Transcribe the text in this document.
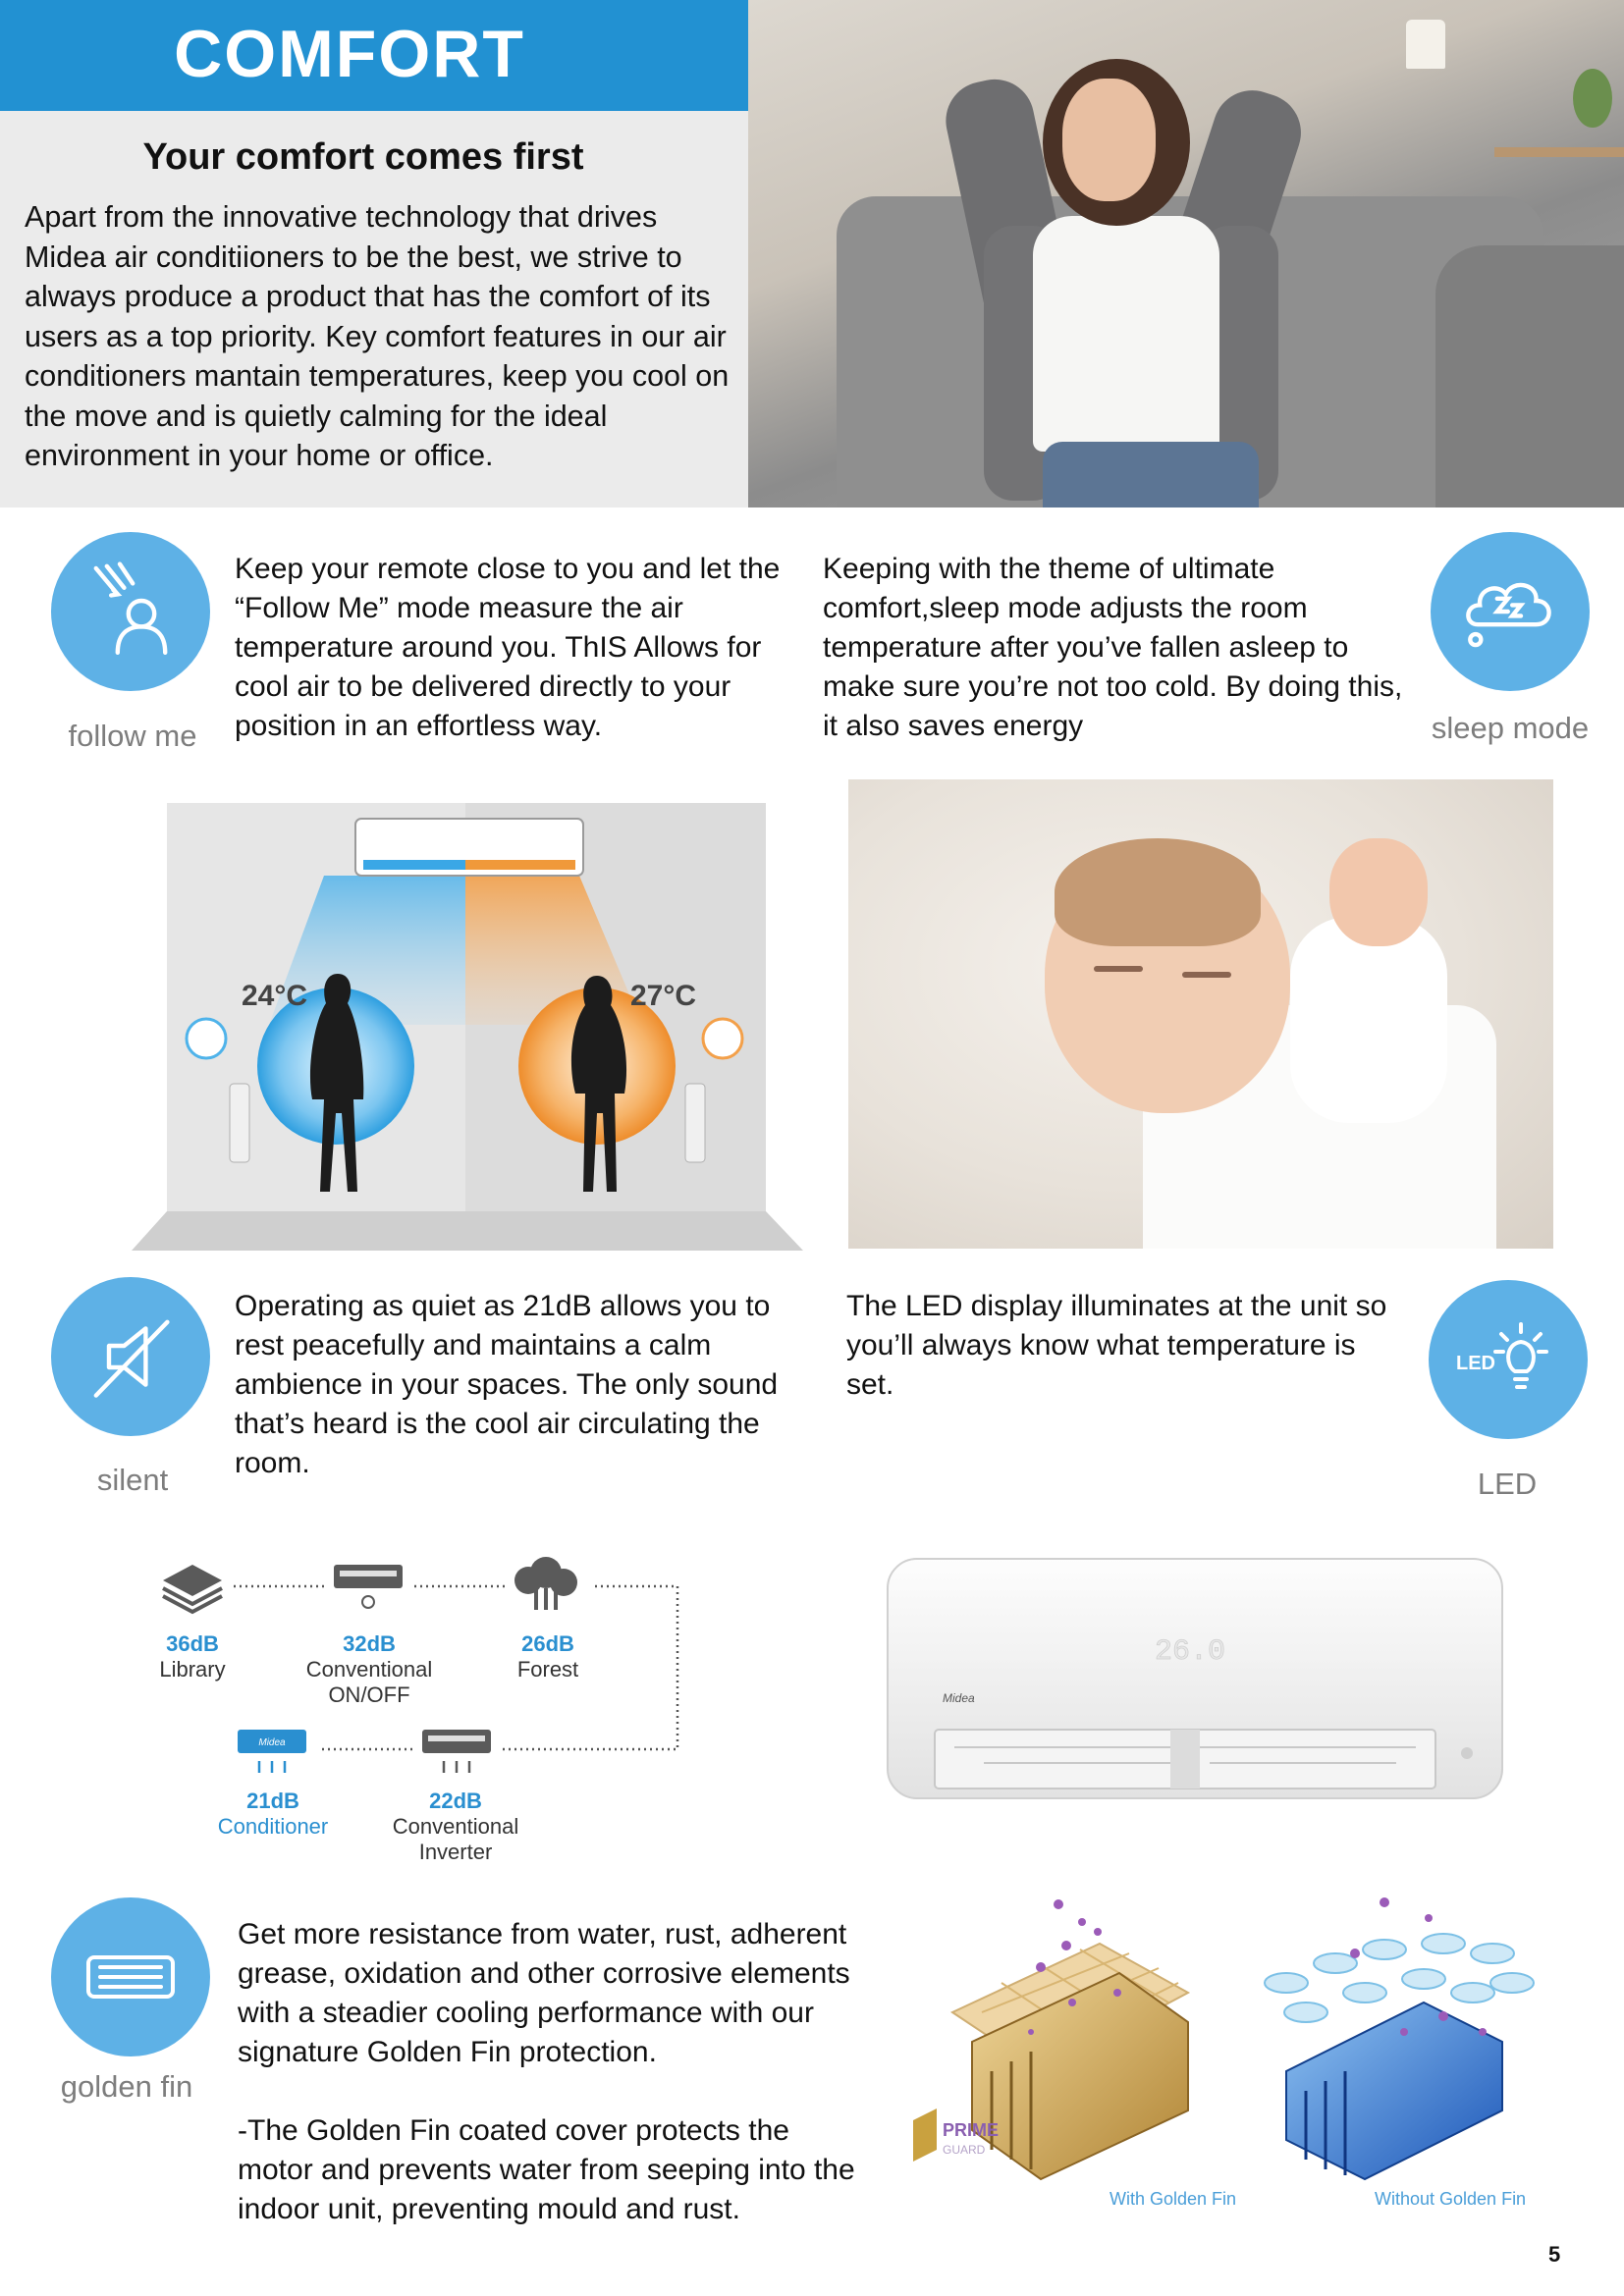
COMFORT
Your comfort comes first
Apart from the innovative technology that drives Midea air conditiioners to be the best, we strive to always produce a product that has the comfort of its users as a top priority. Key comfort features in our air conditioners mantain temperatures, keep you cool on the move and is quietly calming for the ideal environment in your home or office.
follow me
Keep your remote close to you and let the “Follow Me” mode measure the air temperature around you. ThIS Allows for cool air to be delivered directly to your position in an effortless way.	sleep mode
Keeping with the theme of ultimate comfort,sleep mode adjusts the room temperature after you’ve fallen asleep to make sure you’re not too cold. By doing this, it also saves energy
24°C	27°C
silent
Operating as quiet as 21dB allows you to rest peacefully and maintains a calm ambience in your spaces. The only sound that’s heard is the cool air circulating the room.
LED
LED
The LED display illuminates at the unit so you’ll always know what temperature is set.
Midea
36dB
Library
32dB
Conventional
ON/OFF
26dB
Forest
21dB
Conditioner
22dB
Conventional
Inverter
26.0
Midea
golden fin
Get more resistance from water, rust, adherent grease, oxidation and other corrosive elements with a steadier cooling performance with our signature Golden Fin protection.
-The Golden Fin coated cover protects the motor and prevents water from seeping into the indoor unit, preventing mould and rust.
PRIME
GUARD
With Golden Fin	Without Golden Fin
5
